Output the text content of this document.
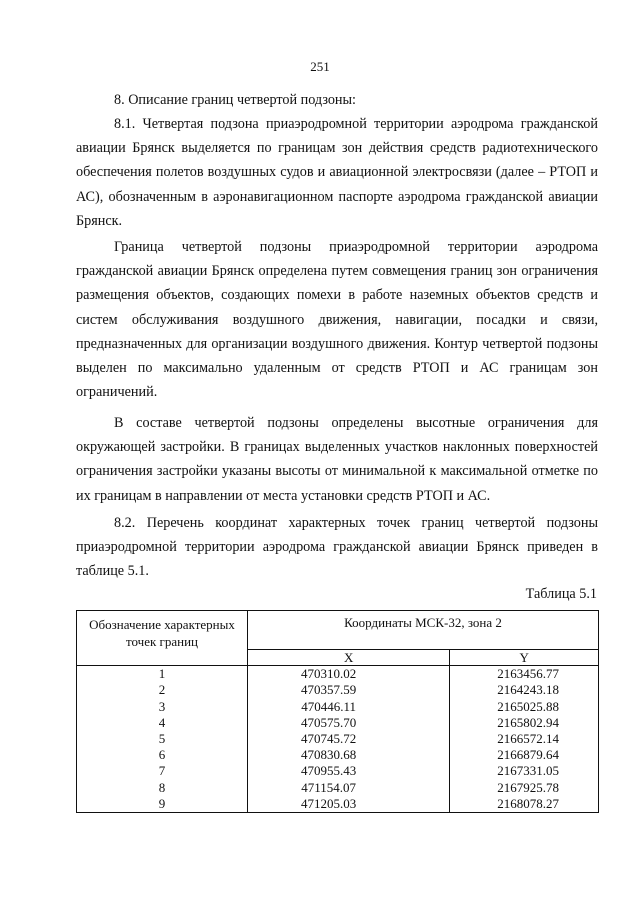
251

8. Описание границ четвертой подзоны:

8.1. Четвертая подзона приаэродромной территории аэродрома гражданской авиации Брянск выделяется по границам зон действия средств радиотехнического обеспечения полетов воздушных судов и авиационной электросвязи (далее – РТОП и АС), обозначенным в аэронавигационном паспорте аэродрома гражданской авиации Брянск.

Граница четвертой подзоны приаэродромной территории аэродрома гражданской авиации Брянск определена путем совмещения границ зон ограничения размещения объектов, создающих помехи в работе наземных объектов средств и систем обслуживания воздушного движения, навигации, посадки и связи, предназначенных для организации воздушного движения. Контур четвертой подзоны выделен по максимально удаленным от средств РТОП и АС границам зон ограничений.

В составе четвертой подзоны определены высотные ограничения для окружающей застройки. В границах выделенных участков наклонных поверхностей ограничения застройки указаны высоты от минимальной к максимальной отметке по их границам в направлении от места установки средств РТОП и АС.

8.2. Перечень координат характерных точек границ четвертой подзоны приаэродромной территории аэродрома гражданской авиации Брянск приведен в таблице 5.1.

Таблица 5.1
Обозначение характерных точек границ	Координаты МСК-32, зона 2	
	X	Y
1	470310.02	2163456.77
2	470357.59	2164243.18
3	470446.11	2165025.88
4	470575.70	2165802.94
5	470745.72	2166572.14
6	470830.68	2166879.64
7	470955.43	2167331.05
8	471154.07	2167925.78
9	471205.03	2168078.27
